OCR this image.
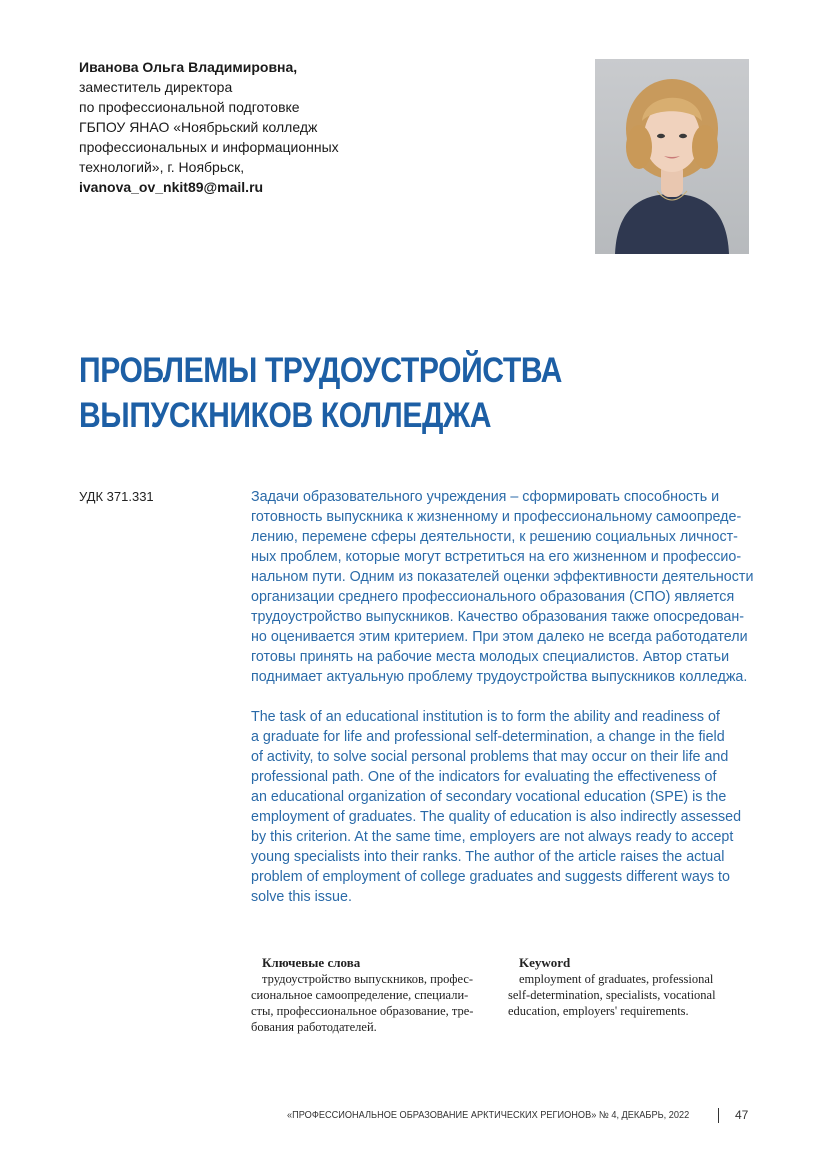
Иванова Ольга Владимировна,
заместитель директора
по профессиональной подготовке
ГБПОУ ЯНАО «Ноябрьский колледж
профессиональных и информационных
технологий», г. Ноябрьск,
ivanova_ov_nkit89@mail.ru
ПРОБЛЕМЫ ТРУДОУСТРОЙСТВА
ВЫПУСКНИКОВ КОЛЛЕДЖА
УДК 371.331	Задачи образовательного учреждения – сформировать способность и
готовность выпускника к жизненному и профессиональному самоопреде-
лению, перемене сферы деятельности, к решению социальных личност-
ных проблем, которые могут встретиться на его жизненном и профессио-
нальном пути. Одним из показателей оценки эффективности деятельности
организации среднего профессионального образования (СПО) является
трудоустройство выпускников. Качество образования также опосредован-
но оценивается этим критерием. При этом далеко не всегда работодатели
готовы принять на рабочие места молодых специалистов. Автор статьи
поднимает актуальную проблему трудоустройства выпускников колледжа.

The task of an educational institution is to form the ability and readiness of
a graduate for life and professional self-determination, a change in the field
of activity, to solve social personal problems that may occur on their life and
professional path. One of the indicators for evaluating the effectiveness of
an educational organization of secondary vocational education (SPE) is the
employment of graduates. The quality of education is also indirectly assessed
by this criterion. At the same time, employers are not always ready to accept
young specialists into their ranks. The author of the article raises the actual
problem of employment of college graduates and suggests different ways to
solve this issue.

Ключевые слова
трудоустройство выпускников, профес-
сиональное самоопределение, специали-
сты, профессиональное образование, тре-
бования работодателей.
Keyword
employment of graduates, professional
self-determination, specialists, vocational
education, employers' requirements.
«ПРОФЕССИОНАЛЬНОЕ ОБРАЗОВАНИЕ АРКТИЧЕСКИХ РЕГИОНОВ» № 4, ДЕКАБРЬ, 2022	47
